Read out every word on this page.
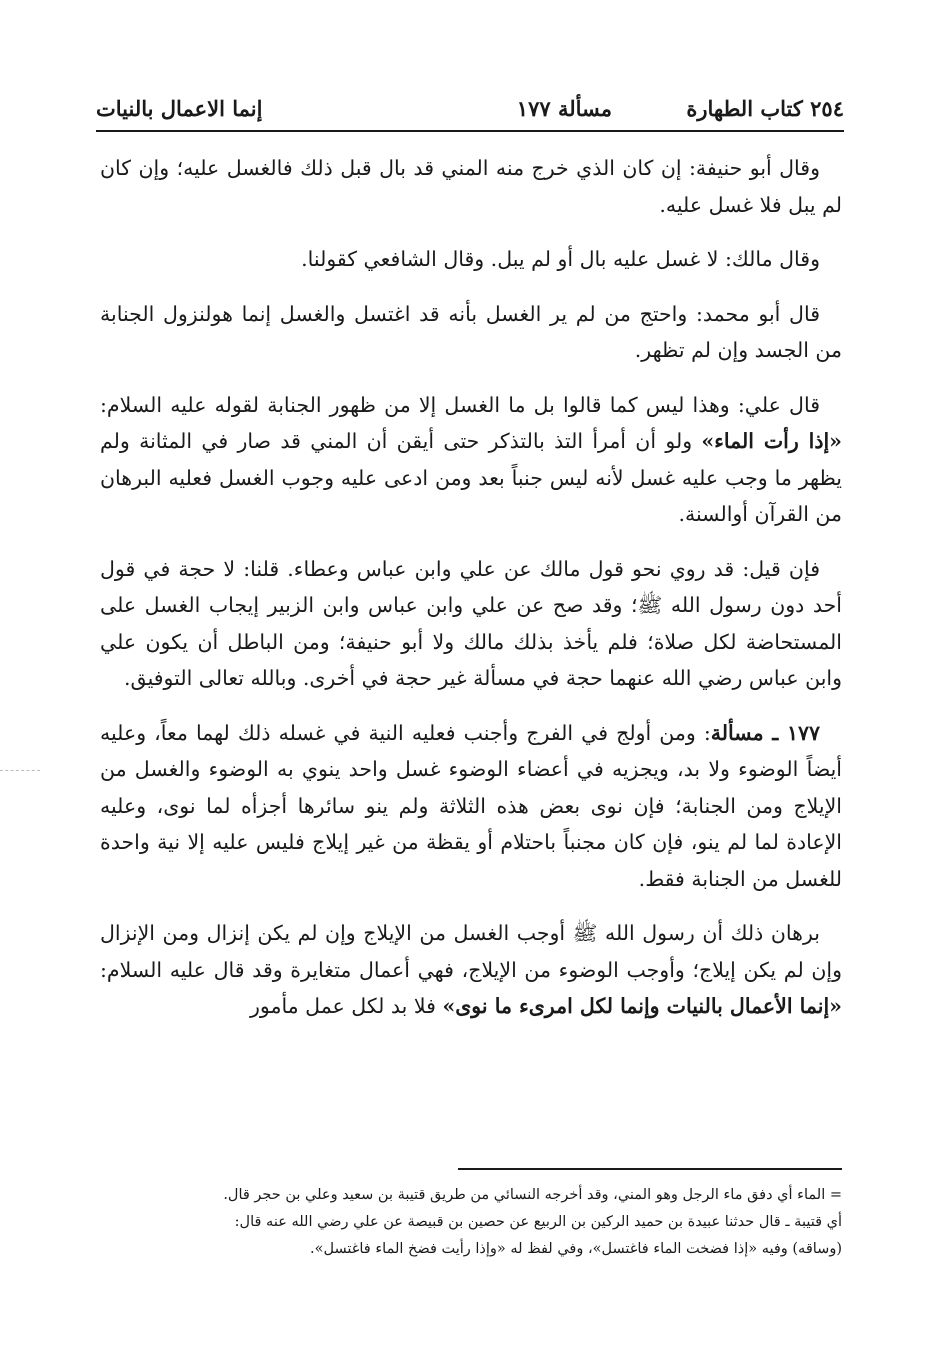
٢٥٤ كتاب الطهارة
مسألة ١٧٧
إنما الاعمال بالنيات

وقال أبو حنيفة: إن كان الذي خرج منه المني قد بال قبل ذلك فالغسل عليه؛ وإن كان لم يبل فلا غسل عليه.

وقال مالك: لا غسل عليه بال أو لم يبل. وقال الشافعي كقولنا.

قال أبو محمد: واحتج من لم ير الغسل بأنه قد اغتسل والغسل إنما هولنزول الجنابة من الجسد وإن لم تظهر.

قال علي: وهذا ليس كما قالوا بل ما الغسل إلا من ظهور الجنابة لقوله عليه السلام: «إذا رأت الماء» ولو أن أمرأ التذ بالتذكر حتى أيقن أن المني قد صار في المثانة ولم يظهر ما وجب عليه غسل لأنه ليس جنباً بعد ومن ادعى عليه وجوب الغسل فعليه البرهان من القرآن أوالسنة.

فإن قيل: قد روي نحو قول مالك عن علي وابن عباس وعطاء. قلنا: لا حجة في قول أحد دون رسول الله ﷺ؛ وقد صح عن علي وابن عباس وابن الزبير إيجاب الغسل على المستحاضة لكل صلاة؛ فلم يأخذ بذلك مالك ولا أبو حنيفة؛ ومن الباطل أن يكون علي وابن عباس رضي الله عنهما حجة في مسألة غير حجة في أخرى. وبالله تعالى التوفيق.

١٧٧ ـ مسألة: ومن أولج في الفرج وأجنب فعليه النية في غسله ذلك لهما معاً، وعليه أيضاً الوضوء ولا بد، ويجزيه في أعضاء الوضوء غسل واحد ينوي به الوضوء والغسل من الإيلاج ومن الجنابة؛ فإن نوى بعض هذه الثلاثة ولم ينو سائرها أجزأه لما نوى، وعليه الإعادة لما لم ينو، فإن كان مجنباً باحتلام أو يقظة من غير إيلاج فليس عليه إلا نية واحدة للغسل من الجنابة فقط.

برهان ذلك أن رسول الله ﷺ أوجب الغسل من الإيلاج وإن لم يكن إنزال ومن الإنزال وإن لم يكن إيلاج؛ وأوجب الوضوء من الإيلاج، فهي أعمال متغايرة وقد قال عليه السلام: «إنما الأعمال بالنيات وإنما لكل امرىء ما نوى» فلا بد لكل عمل مأمور

= الماء أي دفق ماء الرجل وهو المني، وقد أخرجه النسائي من طريق قتيبة بن سعيد وعلي بن حجر قال.

أي قتيبة ـ قال حدثنا عبيدة بن حميد الركين بن الربيع عن حصين بن قبيصة عن علي رضي الله عنه قال:

(وساقه) وفيه «إذا فضخت الماء فاغتسل»، وفي لفظ له «وإذا رأيت فضخ الماء فاغتسل».
